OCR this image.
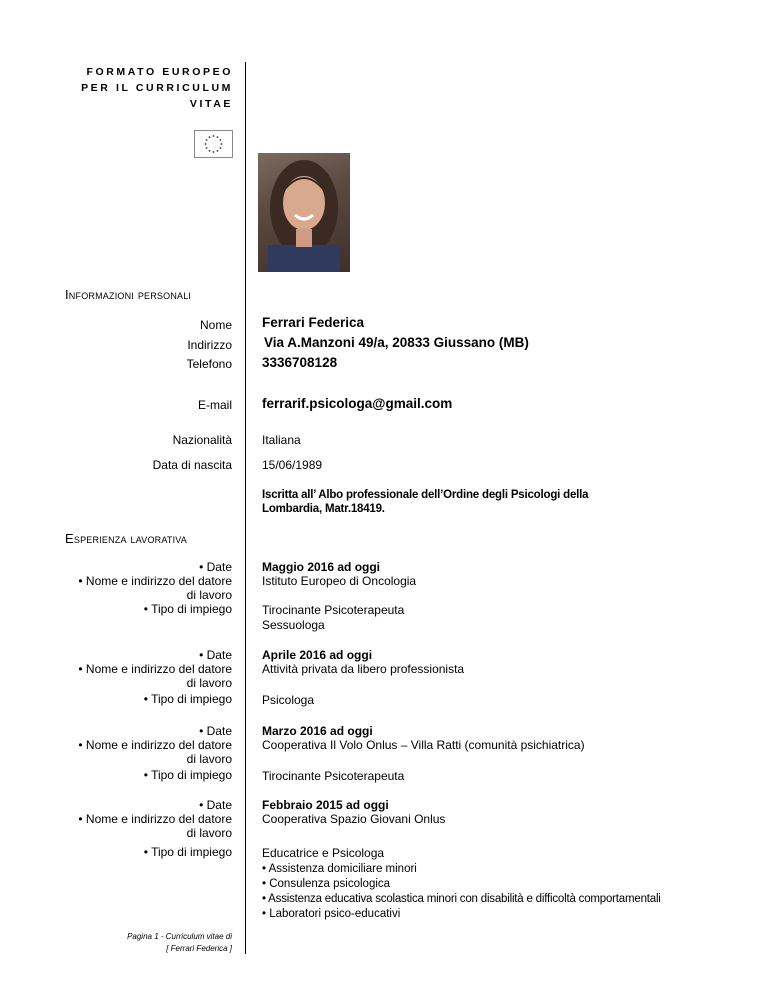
FORMATO EUROPEO
PER IL CURRICULUM
VITAE
Informazioni personali
Nome Ferrari Federica
Indirizzo Via A.Manzoni 49/a, 20833 Giussano (MB)
Telefono 3336708128
E-mail ferrarif.psicologa@gmail.com
Nazionalità	Italiana
Data di nascita	15/06/1989
Iscritta all’ Albo professionale dell’Ordine degli Psicologi della
Lombardia, Matr.18419.
Esperienza lavorativa
• Date
• Nome e indirizzo del datore
di lavoro
• Tipo di impiego
Maggio 2016 ad oggi
Istituto Europeo di Oncologia
Tirocinante Psicoterapeuta
Sessuologa
• Date
• Nome e indirizzo del datore
di lavoro
• Tipo di impiego
Aprile 2016 ad oggi
Attività privata da libero professionista
Psicologa
• Date
• Nome e indirizzo del datore
di lavoro
• Tipo di impiego
Marzo 2016 ad oggi
Cooperativa Il Volo Onlus – Villa Ratti (comunità psichiatrica)
Tirocinante Psicoterapeuta
• Date
• Nome e indirizzo del datore
di lavoro
• Tipo di impiego
Febbraio 2015 ad oggi
Cooperativa Spazio Giovani Onlus
Educatrice e Psicologa
• Assistenza domiciliare minori
• Consulenza psicologica
• Assistenza educativa scolastica minori con disabilità e difficoltà comportamentali
• Laboratori psico-educativi
Pagina 1 - Curriculum vitae di
[ Ferrari Federica ]
